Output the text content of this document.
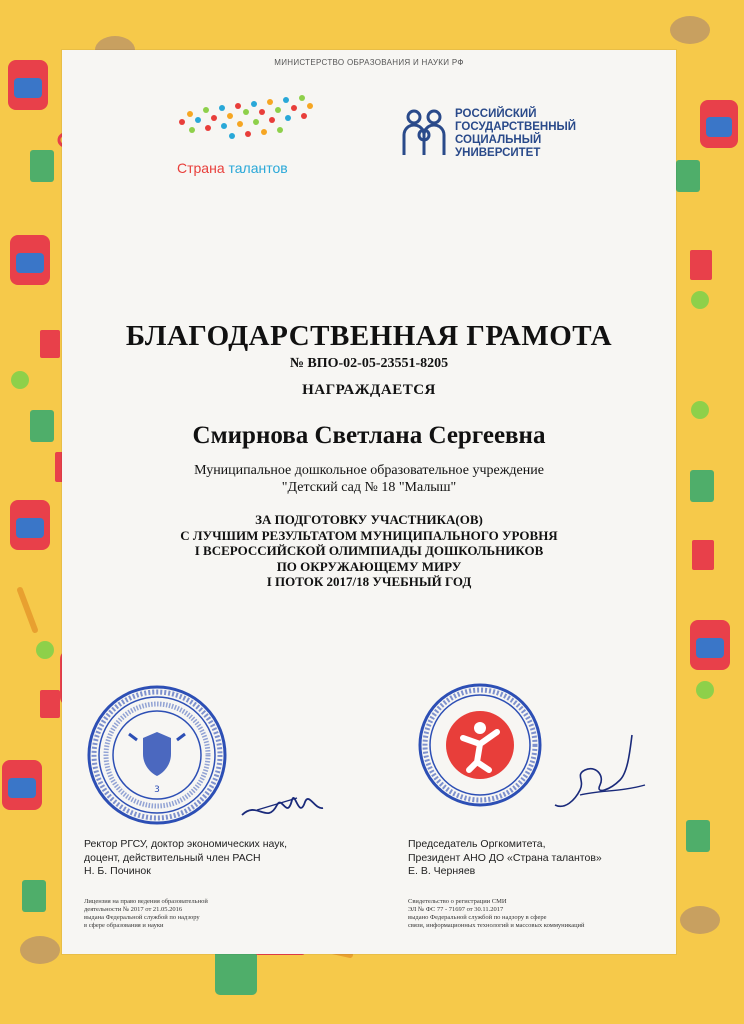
МИНИСТЕРСТВО ОБРАЗОВАНИЯ И НАУКИ РФ
Страна талантов
РОССИЙСКИЙ
ГОСУДАРСТВЕННЫЙ
СОЦИАЛЬНЫЙ
УНИВЕРСИТЕТ
БЛАГОДАРСТВЕННАЯ ГРАМОТА
№ ВПО-02-05-23551-8205
НАГРАЖДАЕТСЯ
Смирнова Светлана Сергеевна
Муниципальное дошкольное образовательное учреждение
"Детский сад № 18 "Малыш"
ЗА ПОДГОТОВКУ УЧАСТНИКА(ОВ)
С ЛУЧШИМ РЕЗУЛЬТАТОМ МУНИЦИПАЛЬНОГО УРОВНЯ
I ВСЕРОССИЙСКОЙ ОЛИМПИАДЫ ДОШКОЛЬНИКОВ
ПО ОКРУЖАЮЩЕМУ МИРУ
I ПОТОК 2017/18 УЧЕБНЫЙ ГОД
3
Ректор РГСУ, доктор экономических наук,
доцент, действительный член РАСН
Н. Б. Починок
Председатель Оргкомитета,
Президент АНО ДО «Страна талантов»
Е. В. Черняев
Лицензия на право ведения образовательной
деятельности № 2017 от 21.05.2016
выдана Федеральной службой по надзору
в сфере образования и науки
Свидетельство о регистрации СМИ
ЭЛ № ФС 77 - 71697 от 30.11.2017
выдано Федеральной службой по надзору в сфере
связи, информационных технологий и массовых коммуникаций
